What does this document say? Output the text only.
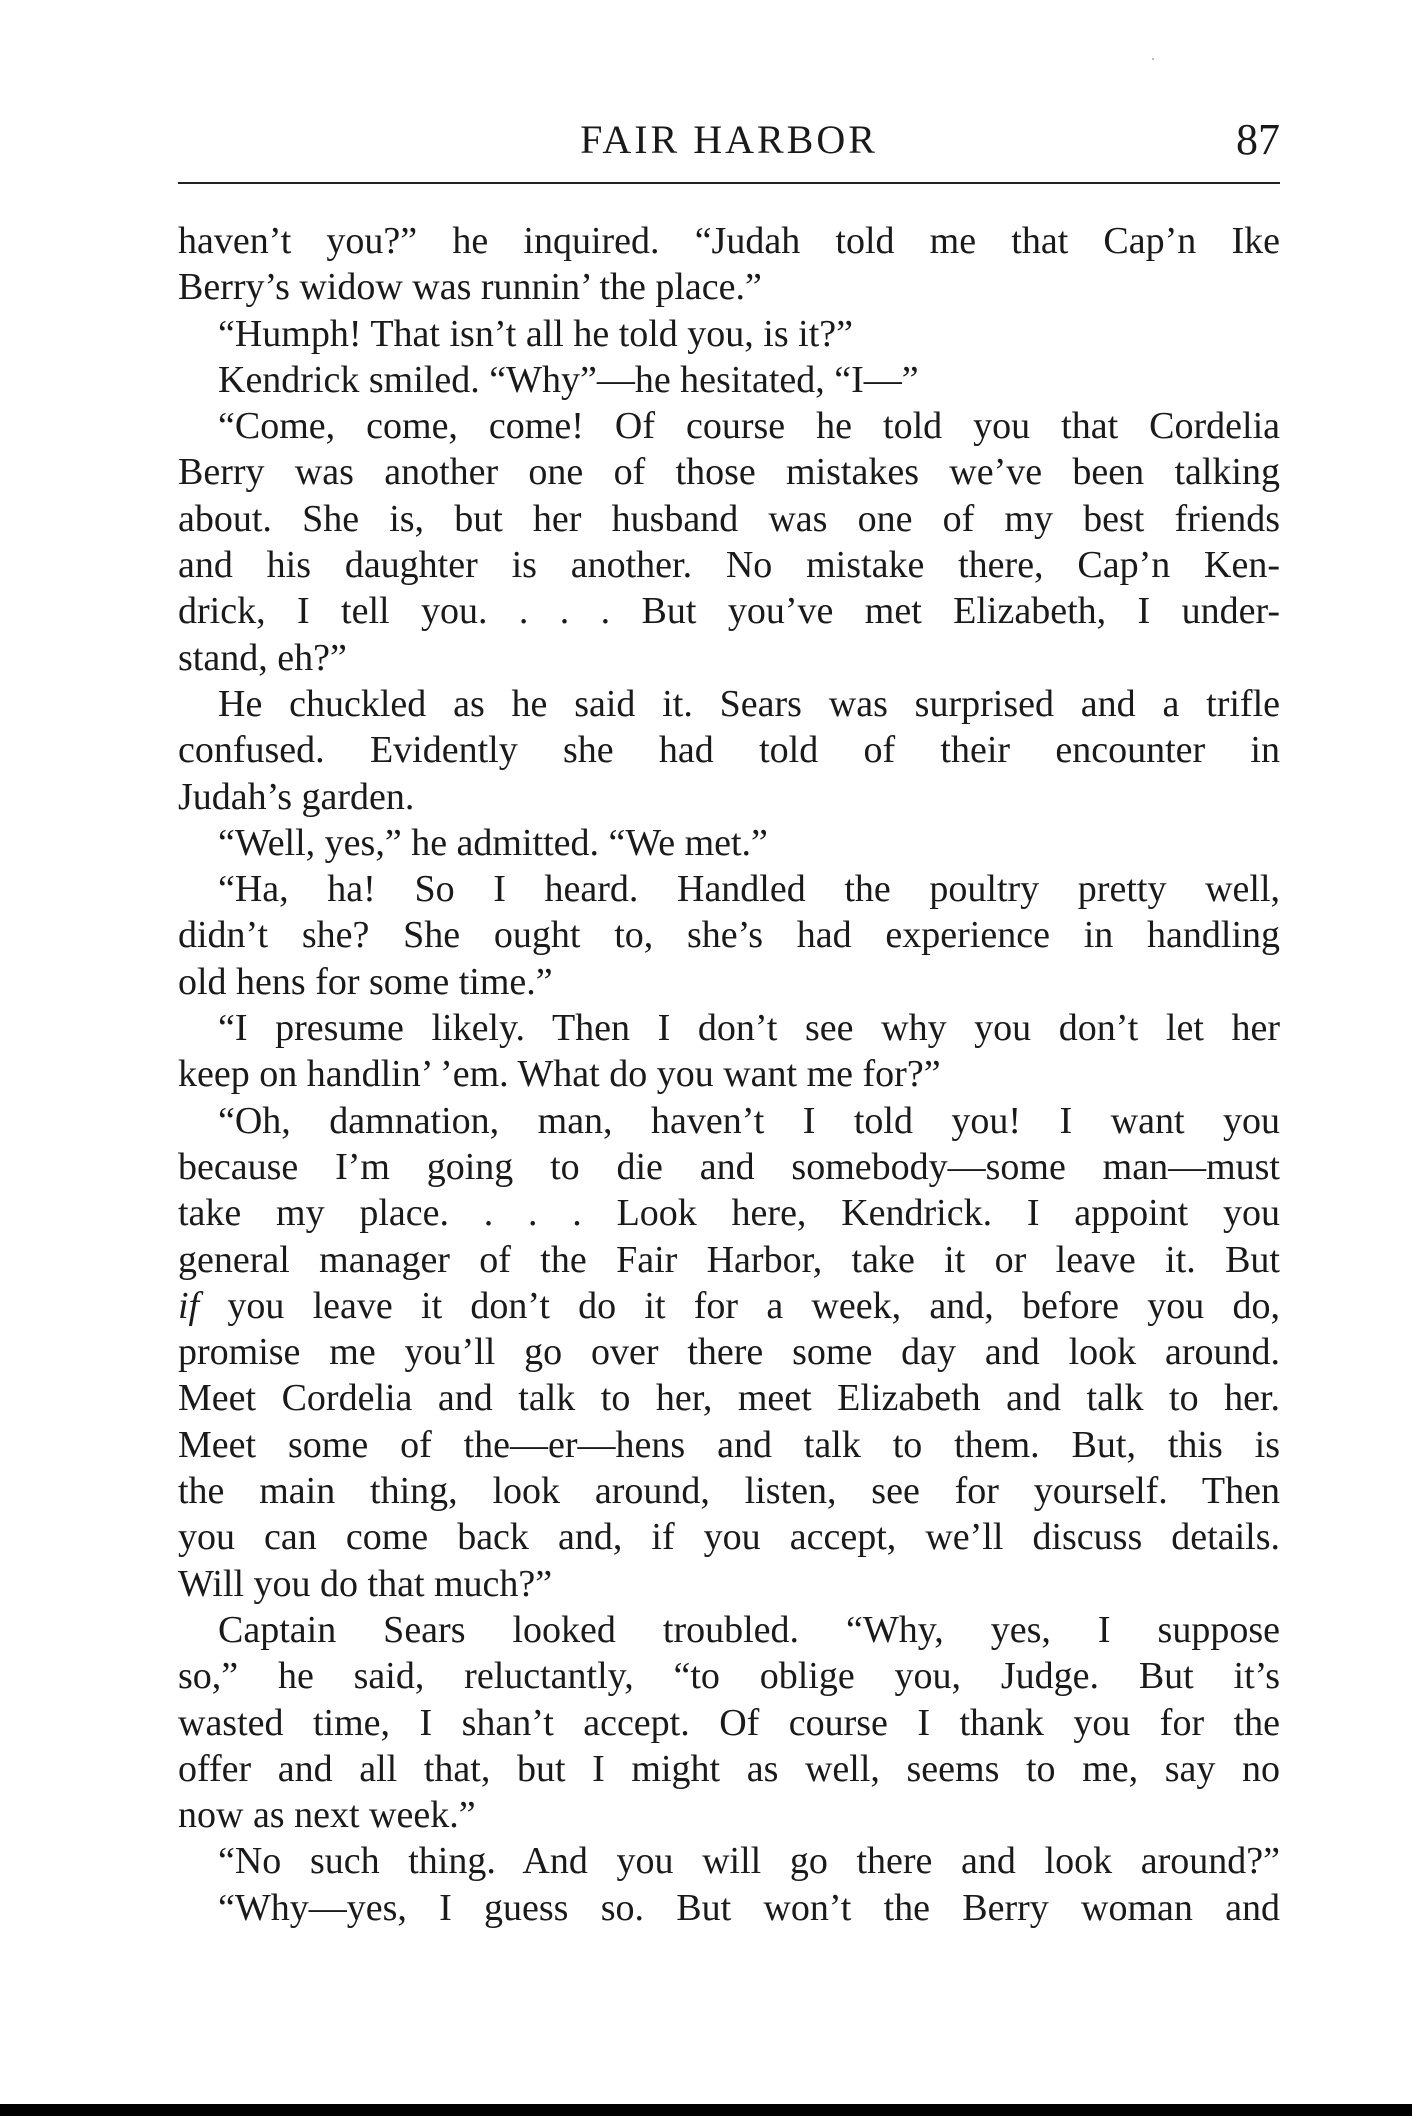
FAIR HARBOR	87
haven’t you?” he inquired. “Judah told me that Cap’n Ike
Berry’s widow was runnin’ the place.”
“Humph! That isn’t all he told you, is it?”
Kendrick smiled. “Why”—he hesitated, “I—”
“Come, come, come! Of course he told you that Cordelia
Berry was another one of those mistakes we’ve been talking
about. She is, but her husband was one of my best friends
and his daughter is another. No mistake there, Cap’n Ken-
drick, I tell you. . . . But you’ve met Elizabeth, I under-
stand, eh?”
He chuckled as he said it. Sears was surprised and a trifle
confused. Evidently she had told of their encounter in
Judah’s garden.
“Well, yes,” he admitted. “We met.”
“Ha, ha! So I heard. Handled the poultry pretty well,
didn’t she? She ought to, she’s had experience in handling
old hens for some time.”
“I presume likely. Then I don’t see why you don’t let her
keep on handlin’ ’em. What do you want me for?”
“Oh, damnation, man, haven’t I told you! I want you
because I’m going to die and somebody—some man—must
take my place. . . . Look here, Kendrick. I appoint you
general manager of the Fair Harbor, take it or leave it. But
if you leave it don’t do it for a week, and, before you do,
promise me you’ll go over there some day and look around.
Meet Cordelia and talk to her, meet Elizabeth and talk to her.
Meet some of the—er—hens and talk to them. But, this is
the main thing, look around, listen, see for yourself. Then
you can come back and, if you accept, we’ll discuss details.
Will you do that much?”
Captain Sears looked troubled. “Why, yes, I suppose
so,” he said, reluctantly, “to oblige you, Judge. But it’s
wasted time, I shan’t accept. Of course I thank you for the
offer and all that, but I might as well, seems to me, say no
now as next week.”
“No such thing. And you will go there and look around?”
“Why—yes, I guess so. But won’t the Berry woman and
